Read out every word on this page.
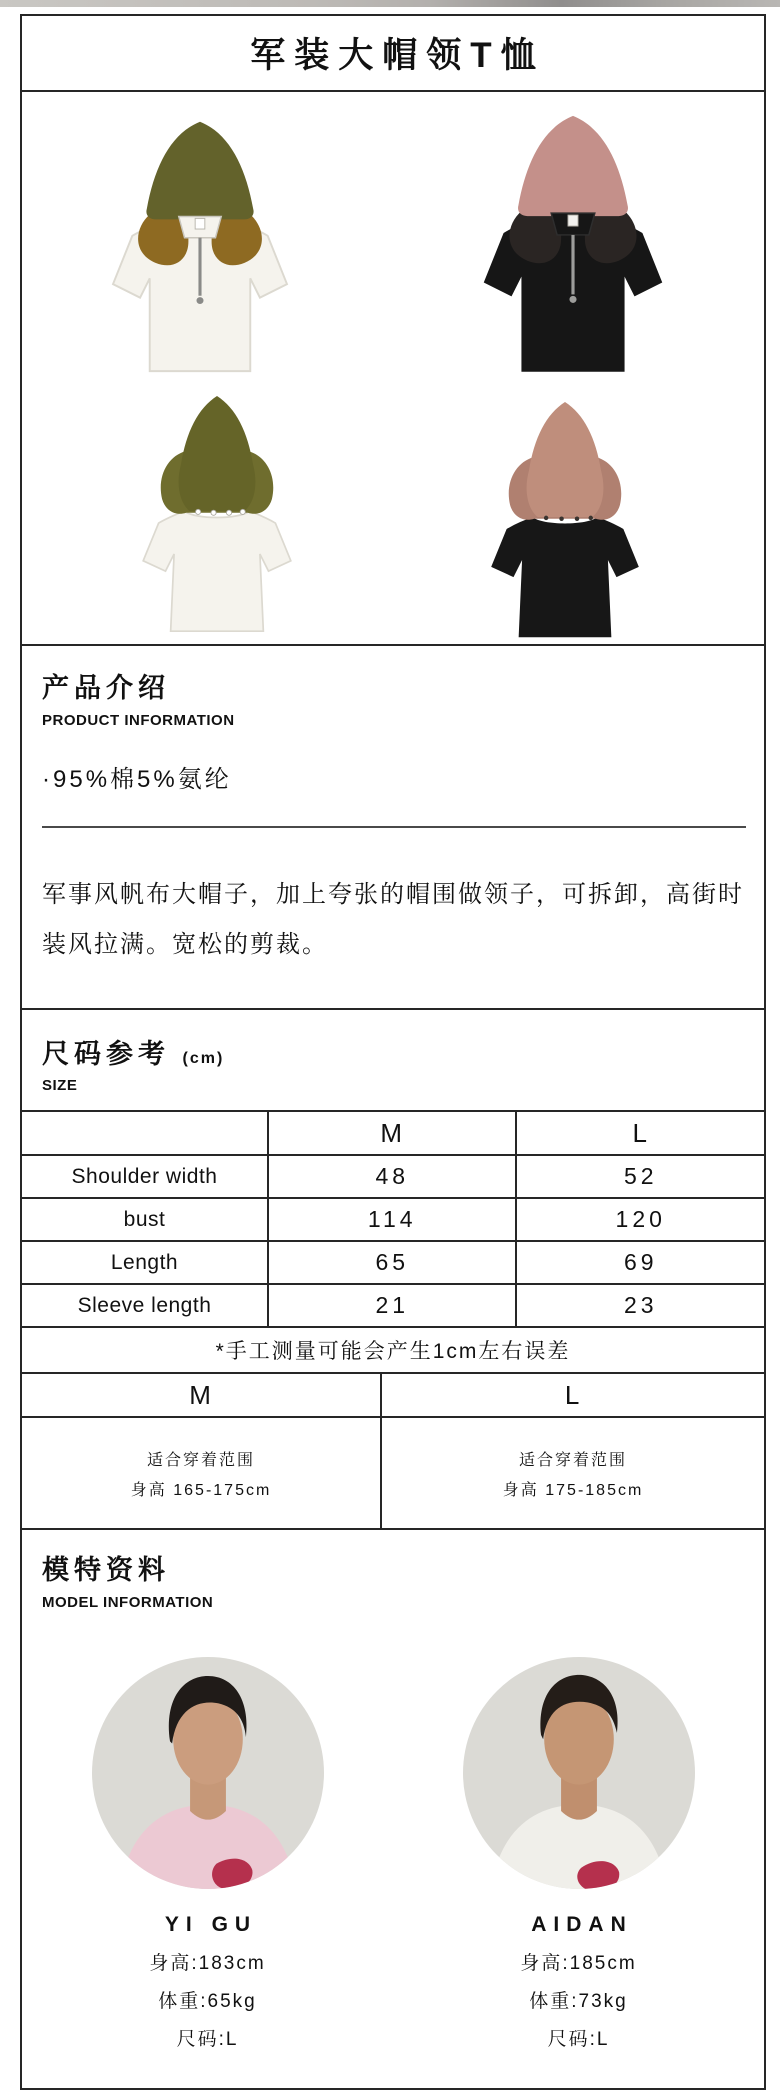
军装大帽领T恤
产品介绍
PRODUCT INFORMATION
·95%棉5%氨纶

军事风帆布大帽子，加上夸张的帽围做领子，可拆卸，高街时装风拉满。宽松的剪裁。

尺码参考 (cm)
SIZE
	M	L
Shoulder width	48	52
bust	114	120
Length	65	69
Sleeve length	21	23
*手工测量可能会产生1cm左右误差		
M	L

适合穿着范围
身高 165-175cm

适合穿着范围
身高 175-185cm
模特资料
MODEL INFORMATION
YI GU
身高:183cm
体重:65kg
尺码:L
AIDAN
身高:185cm
体重:73kg
尺码:L
